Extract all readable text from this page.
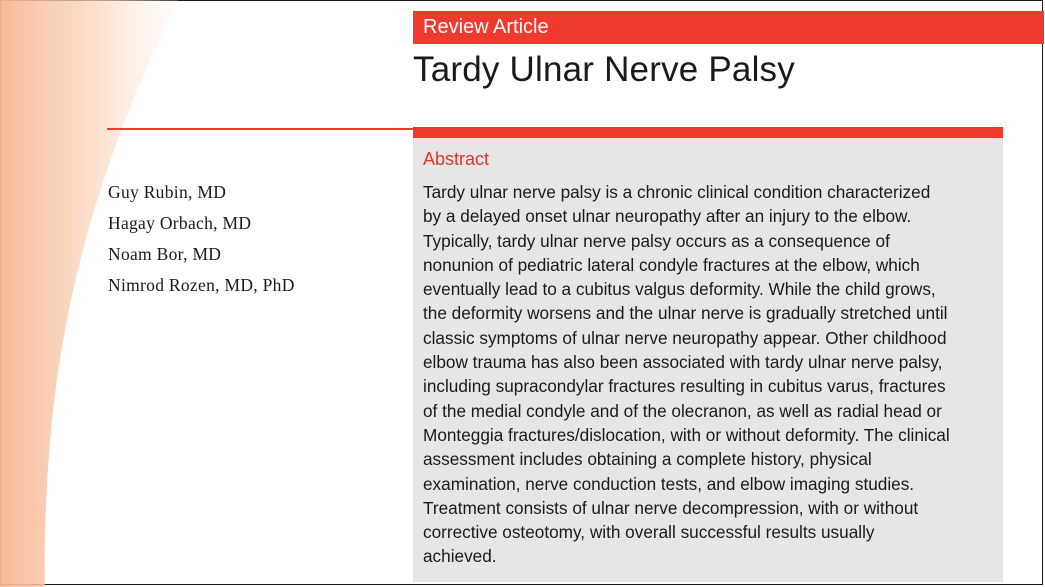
Review Article
Tardy Ulnar Nerve Palsy
Guy Rubin, MD
Hagay Orbach, MD
Noam Bor, MD
Nimrod Rozen, MD, PhD
Abstract
Tardy ulnar nerve palsy is a chronic clinical condition characterized
by a delayed onset ulnar neuropathy after an injury to the elbow.
Typically, tardy ulnar nerve palsy occurs as a consequence of
nonunion of pediatric lateral condyle fractures at the elbow, which
eventually lead to a cubitus valgus deformity. While the child grows,
the deformity worsens and the ulnar nerve is gradually stretched until
classic symptoms of ulnar nerve neuropathy appear. Other childhood
elbow trauma has also been associated with tardy ulnar nerve palsy,
including supracondylar fractures resulting in cubitus varus, fractures
of the medial condyle and of the olecranon, as well as radial head or
Monteggia fractures/dislocation, with or without deformity. The clinical
assessment includes obtaining a complete history, physical
examination, nerve conduction tests, and elbow imaging studies.
Treatment consists of ulnar nerve decompression, with or without
corrective osteotomy, with overall successful results usually
achieved.
